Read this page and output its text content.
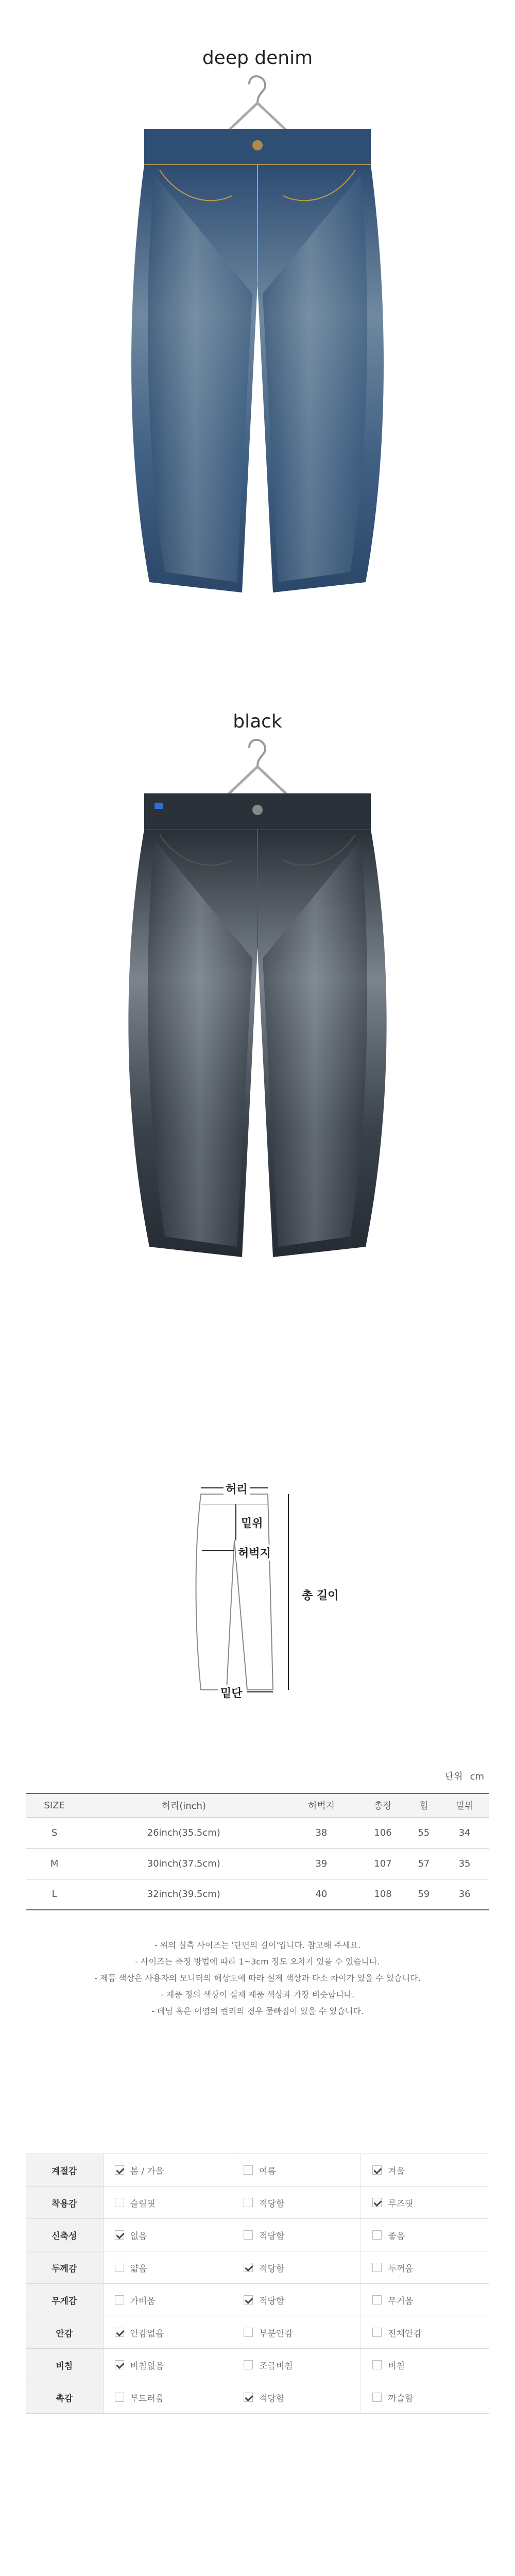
deep denim
black
허리
밑위
허벅지
밑단
총 길이
단위 cm
SIZE	허리(inch)	허벅지	총장	힙	밑위
S	26inch(35.5cm)	38	106	55	34
M	30inch(37.5cm)	39	107	57	35
L	32inch(39.5cm)	40	108	59	36
- 위의 실측 사이즈는 '단면의 길이'입니다. 참고해 주세요.
- 사이즈는 측정 방법에 따라 1~3cm 정도 오차가 있을 수 있습니다.
- 제품 색상은 사용자의 모니터의 해상도에 따라 실제 색상과 다소 차이가 있을 수 있습니다.
- 제품 정의 색상이 실제 제품 색상과 가장 비슷합니다.
- 데님 혹은 이염의 컬러의 경우 물빠짐이 있을 수 있습니다.
계절감	봄 / 가을	여름	겨울
착용감	슬림핏	적당함	루즈핏
신축성	없음	적당함	좋음
두께감	얇음	적당함	두꺼움
무게감	가벼움	적당함	무거움
안감	안감없음	부분안감	전체안감
비침	비침없음	조금비침	비침
촉감	부드러움	적당함	까슬함
